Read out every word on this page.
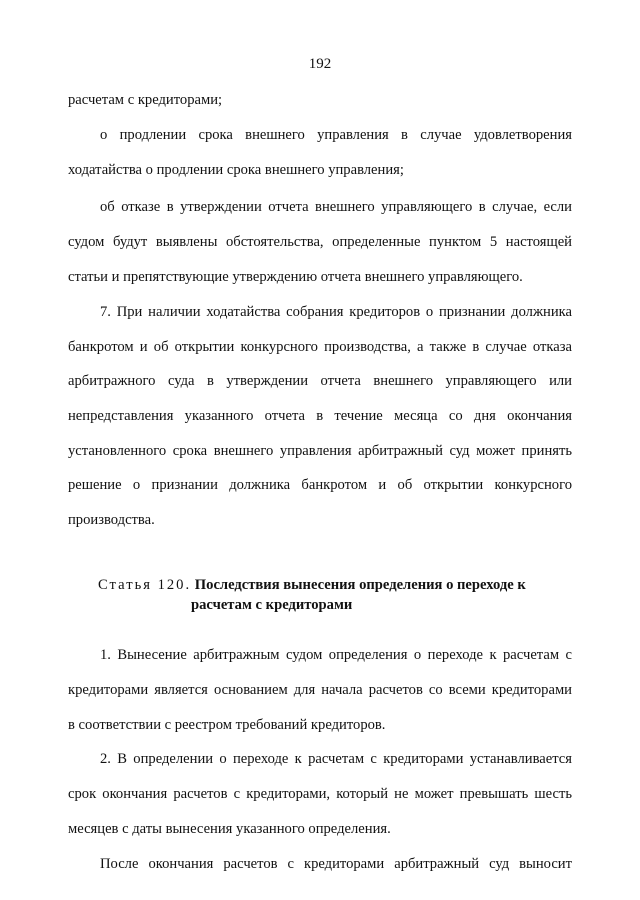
192
расчетам с кредиторами;
о продлении срока внешнего управления в случае удовлетворения
ходатайства о продлении срока внешнего управления;
об отказе в утверждении отчета внешнего управляющего в случае, если
судом будут выявлены обстоятельства, определенные пунктом 5 настоящей
статьи и препятствующие утверждению отчета внешнего управляющего.
7. При наличии ходатайства собрания кредиторов о признании должника
банкротом и об открытии конкурсного производства, а также в случае отказа
арбитражного суда в утверждении отчета внешнего управляющего или
непредставления указанного отчета в течение месяца со дня окончания
установленного срока внешнего управления арбитражный суд может принять
решение о признании должника банкротом и об открытии конкурсного
производства.
Статья 120. Последствия вынесения определения о переходе к
расчетам с кредиторами
1. Вынесение арбитражным судом определения о переходе к расчетам с
кредиторами является основанием для начала расчетов со всеми кредиторами
в соответствии с реестром требований кредиторов.
2. В определении о переходе к расчетам с кредиторами устанавливается
срок окончания расчетов с кредиторами, который не может превышать шесть
месяцев с даты вынесения указанного определения.
После окончания расчетов с кредиторами арбитражный суд выносит
